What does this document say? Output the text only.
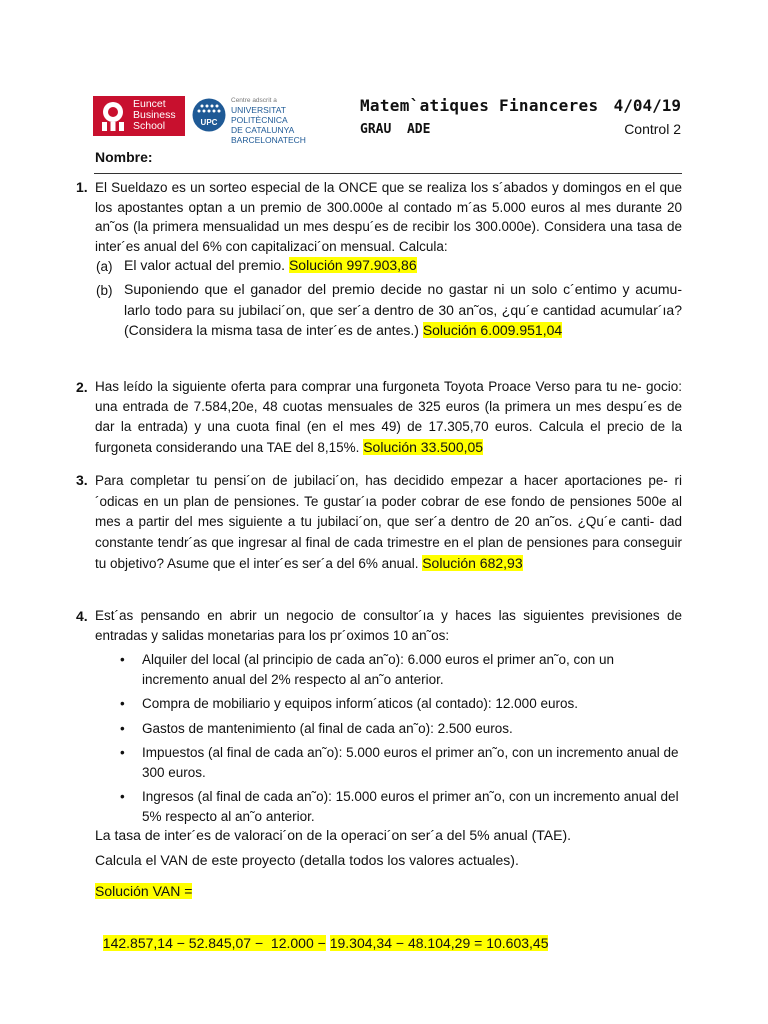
Euncet
Business
School	UPC
Centre adscrit a
UNIVERSITAT POLITÈCNICA
DE CATALUNYA
BARCELONATECH
Matem`atiques Financeres 4/04/19
GRAU  ADE	Control 2
Nombre:
1. El Sueldazo es un sorteo especial de la ONCE que se realiza los s´abados y domingos en el que los apostantes optan a un premio de 300.000e al contado m´as 5.000 euros al mes durante 20 an˜os (la primera mensualidad un mes despu´es de recibir los 300.000e). Considera una tasa de inter´es anual del 6% con capitalizaci´on mensual. Calcula:
(a) El valor actual del premio. Solución 997.903,86
(b) Suponiendo que el ganador del premio decide no gastar ni un solo c´entimo y acumu- larlo todo para su jubilaci´on, que ser´a dentro de 30 an˜os, ¿qu´e cantidad acumular´ıa? (Considera la misma tasa de inter´es de antes.) Solución 6.009.951,04
2. Has leído la siguiente oferta para comprar una furgoneta Toyota Proace Verso para tu ne- gocio: una entrada de 7.584,20e, 48 cuotas mensuales de 325 euros (la primera un mes despu´es de dar la entrada) y una cuota final (en el mes 49) de 17.305,70 euros. Calcula el precio de la furgoneta considerando una TAE del 8,15%. Solución 33.500,05
3. Para completar tu pensi´on de jubilaci´on, has decidido empezar a hacer aportaciones pe- ri´odicas en un plan de pensiones. Te gustar´ıa poder cobrar de ese fondo de pensiones 500e al mes a partir del mes siguiente a tu jubilaci´on, que ser´a dentro de 20 an˜os. ¿Qu´e canti- dad constante tendr´as que ingresar al final de cada trimestre en el plan de pensiones para conseguir tu objetivo? Asume que el inter´es ser´a del 6% anual. Solución 682,93
4. Est´as pensando en abrir un negocio de consultor´ıa y haces las siguientes previsiones de entradas y salidas monetarias para los pr´oximos 10 an˜os:
• Alquiler del local (al principio de cada an˜o): 6.000 euros el primer an˜o, con un incremento anual del 2% respecto al an˜o anterior.
• Compra de mobiliario y equipos inform´aticos (al contado): 12.000 euros.
• Gastos de mantenimiento (al final de cada an˜o): 2.500 euros.
• Impuestos (al final de cada an˜o): 5.000 euros el primer an˜o, con un incremento anual de 300 euros.
• Ingresos (al final de cada an˜o): 15.000 euros el primer an˜o, con un incremento anual del 5% respecto al an˜o anterior.
La tasa de inter´es de valoraci´on de la operaci´on ser´a del 5% anual (TAE).
Calcula el VAN de este proyecto (detalla todos los valores actuales).
Solución VAN =

142.857,14 − 52.845,07 −  12.000 − 19.304,34 − 48.104,29 = 10.603,45
